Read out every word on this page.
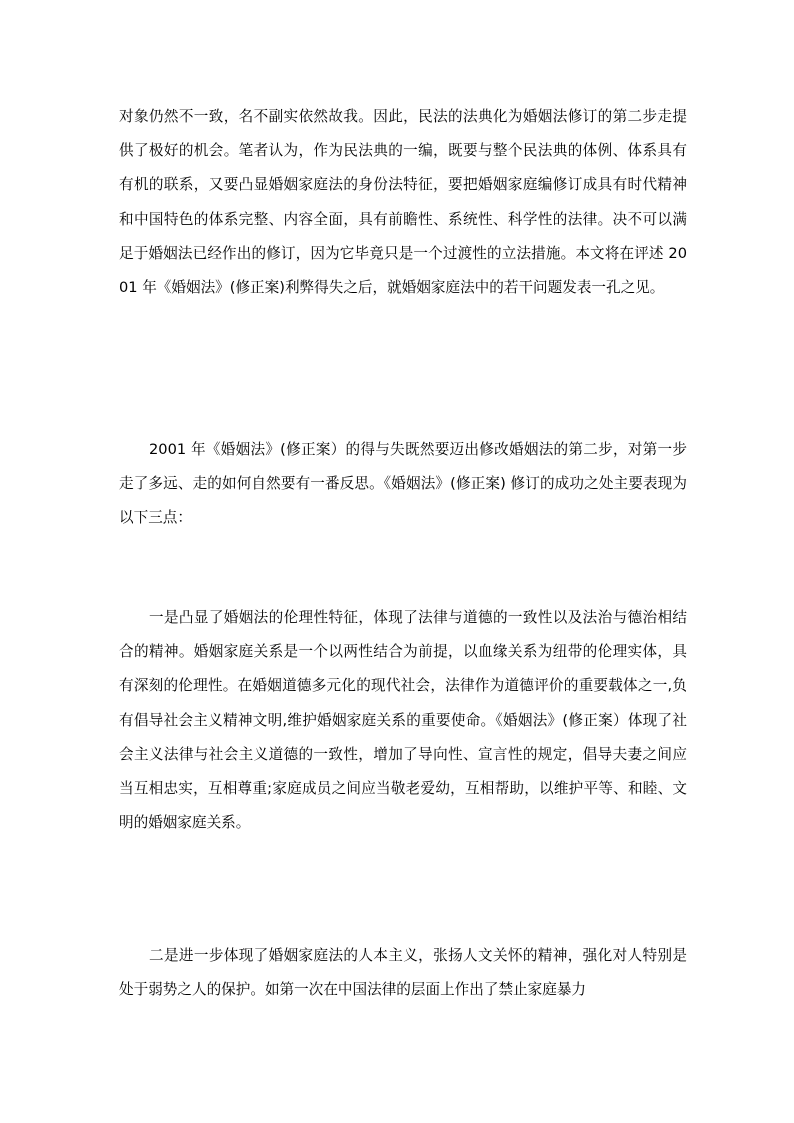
对象仍然不一致，名不副实依然故我。因此，民法的法典化为婚姻法修订的第二步走提供了极好的机会。笔者认为，作为民法典的一编，既要与整个民法典的体例、体系具有有机的联系，又要凸显婚姻家庭法的身份法特征，要把婚姻家庭编修订成具有时代精神和中国特色的体系完整、内容全面，具有前瞻性、系统性、科学性的法律。决不可以满足于婚姻法已经作出的修订，因为它毕竟只是一个过渡性的立法措施。本文将在评述 2001 年《婚姻法》(修正案)利弊得失之后，就婚姻家庭法中的若干问题发表一孔之见。

2001 年《婚姻法》(修正案）的得与失既然要迈出修改婚姻法的第二步，对第一步走了多远、走的如何自然要有一番反思。《婚姻法》(修正案) 修订的成功之处主要表现为以下三点：

一是凸显了婚姻法的伦理性特征，体现了法律与道德的一致性以及法治与德治相结合的精神。婚姻家庭关系是一个以两性结合为前提，以血缘关系为纽带的伦理实体，具有深刻的伦理性。在婚姻道德多元化的现代社会，法律作为道德评价的重要载体之一,负有倡导社会主义精神文明,维护婚姻家庭关系的重要使命。《婚姻法》(修正案）体现了社会主义法律与社会主义道德的一致性，增加了导向性、宣言性的规定，倡导夫妻之间应当互相忠实，互相尊重;家庭成员之间应当敬老爱幼，互相帮助，以维护平等、和睦、文明的婚姻家庭关系。

二是进一步体现了婚姻家庭法的人本主义，张扬人文关怀的精神，强化对人特别是处于弱势之人的保护。如第一次在中国法律的层面上作出了禁止家庭暴力
